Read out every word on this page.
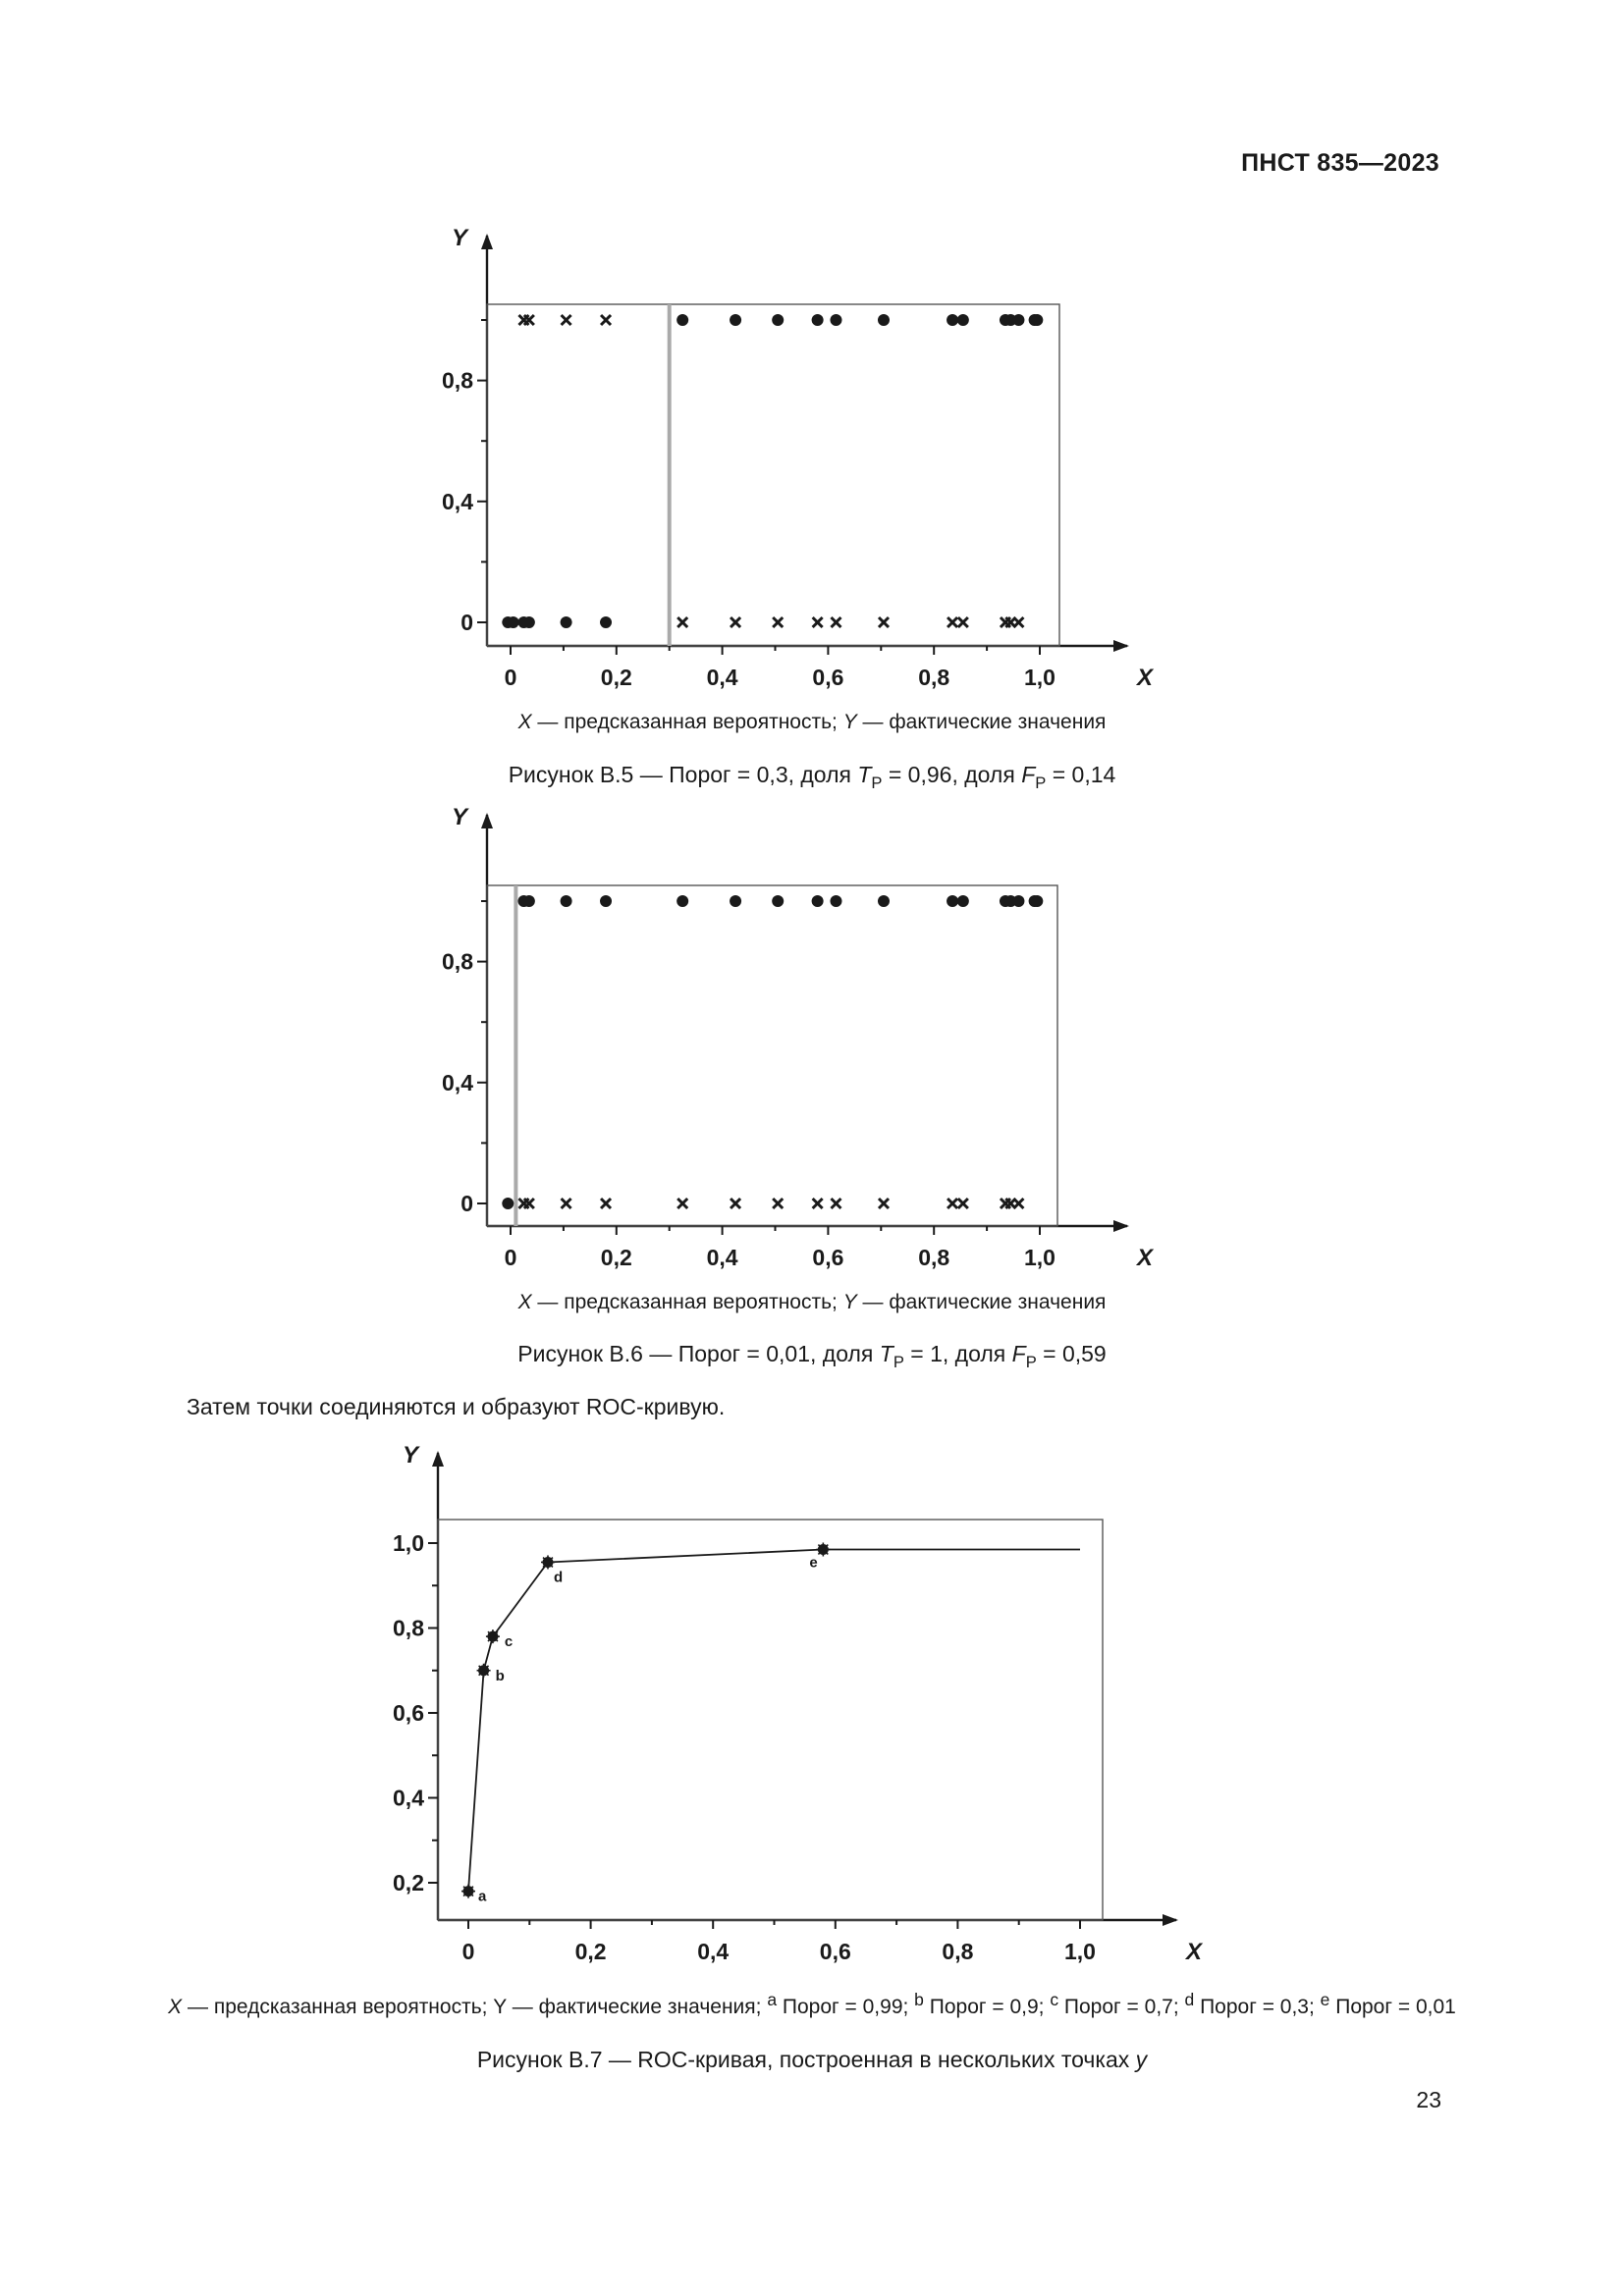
ПНСТ 835—2023
0	0,2	0,4	0,6	0,8	1,0
0
0,4
0,8
Y
X
X — предсказанная вероятность; Y — фактические значения
Рисунок В.5 — Порог = 0,3, доля $T_P = 0,96$, доля $F_P = 0,14$
0	0,2	0,4	0,6	0,8	1,0
0
0,4
0,8
Y
X
X — предсказанная вероятность; Y — фактические значения
Рисунок В.6 — Порог = 0,01, доля $T_P = 1$, доля $F_P = 0,59$
Затем точки соединяются и образуют ROC-кривую.
0	0,2	0,4	0,6	0,8	1,0
0,2
0,4
0,6
0,8
1,0
Y
X
a
b
c
d
e
X — предсказанная вероятность; Y — фактические значения; $^a$ Порог = 0,99; $^b$ Порог = 0,9; $^c$ Порог = 0,7; $^d$ Порог = 0,3; $^e$ Порог = 0,01
Рисунок В.7 — ROC-кривая, построенная в нескольких точках y
23
